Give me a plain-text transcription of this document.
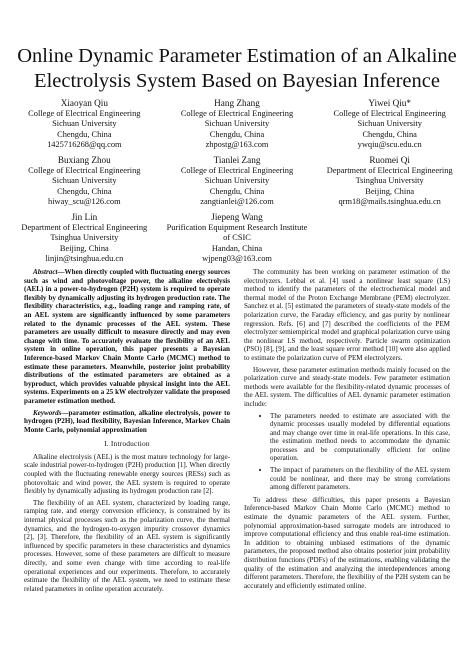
Online Dynamic Parameter Estimation of an Alkaline Electrolysis System Based on Bayesian Inference
Xiaoyan Qiu
College of Electrical Engineering
Sichuan University
Chengdu, China
1425716268@qq.com
Hang Zhang
College of Electrical Engineering
Sichuan University
Chengdu, China
zhpostg@163.com
Yiwei Qiu*
College of Electrical Engineering
Sichuan University
Chengdu, China
ywqiu@scu.edu.cn
Buxiang Zhou
College of Electrical Engineering
Sichuan University
Chengdu, China
hiway_scu@126.com
Tianlei Zang
College of Electrical Engineering
Sichuan University
Chengdu, China
zangtianlei@126.com
Ruomei Qi
Department of Electrical Engineering
Tsinghua University
Beijing, China
qrm18@mails.tsinghua.edu.cn
Jin Lin
Department of Electrical Engineering
Tsinghua University
Beijing, China
linjin@tsinghua.edu.cn
Jiepeng Wang
Purification Equipment Research Institute
of CSIC
Handan, China
wjpeng03@163.com

Abstract—When directly coupled with fluctuating energy sources such as wind and photovoltage power, the alkaline electrolysis (AEL) in a power-to-hydrogen (P2H) system is required to operate flexibly by dynamically adjusting its hydrogen production rate. The flexibility characteristics, e.g., loading range and ramping rate, of an AEL system are significantly influenced by some parameters related to the dynamic processes of the AEL system. These parameters are usually difficult to measure directly and may even change with time. To accurately evaluate the flexibility of an AEL system in online operation, this paper presents a Bayesian Inference-based Markov Chain Monte Carlo (MCMC) method to estimate these parameters. Meanwhile, posterior joint probability distributions of the estimated parameters are obtained as a byproduct, which provides valuable physical insight into the AEL systems. Experiments on a 25 kW electrolyzer validate the proposed parameter estimation method.

Keywords—parameter estimation, alkaline electrolysis, power to hydrogen (P2H), load flexibility, Bayesian Inference, Markov Chain Monte Carlo, polynomial approximation

I. Introduction

Alkaline electrolysis (AEL) is the most mature technology for large-scale industrial power-to-hydrogen (P2H) production [1]. When directly coupled with the fluctuating renewable energy sources (RESs) such as photovoltaic and wind power, the AEL system is required to operate flexibly by dynamically adjusting its hydrogen production rate [2].

The flexibility of an AEL system, characterized by loading range, ramping rate, and energy conversion efficiency, is constrained by its internal physical processes such as the polarization curve, the thermal dynamics, and the hydrogen-to-oxygen impurity crossover dynamics [2], [3]. Therefore, the flexibility of an AEL system is significantly influenced by specific parameters in these characteristics and dynamics processes. However, some of these parameters are difficult to measure directly, and some even change with time according to real-life operational experiences and our experiments. Therefore, to accurately estimate the flexibility of the AEL system, we need to estimate these related parameters in online operation accurately.

The community has been working on parameter estimation of the electrolyzers. Lebbal et al. [4] used a nonlinear least square (LS) method to identify the parameters of the electrochemical model and thermal model of the Proton Exchange Membrane (PEM) electrolyzer. Sanchez et al. [5] estimated the parameters of steady-state models of the polarization curve, the Faraday efficiency, and gas purity by nonlinear regression. Refs. [6] and [7] described the coefficients of the PEM electrolyzer semiempirical model and graphical polarization curve using the nonlinear LS method, respectively. Particle swarm optimization (PSO) [8], [9], and the least square error method [10] were also applied to estimate the polarization curve of PEM electrolyzers.

However, these parameter estimation methods mainly focused on the polarization curve and steady-state models. Few parameter estimation methods were available for the flexibility-related dynamic processes of the AEL system. The difficulties of AEL dynamic parameter estimation include:

• The parameters needed to estimate are associated with the dynamic processes usually modeled by differential equations and may change over time in real-life operations. In this case, the estimation method needs to accommodate the dynamic processes and be computationally efficient for online operation.
• The impact of parameters on the flexibility of the AEL system could be nonlinear, and there may be strong correlations among different parameters.

To address these difficulties, this paper presents a Bayesian Inference-based Markov Chain Monte Carlo (MCMC) method to estimate the dynamic parameters of the AEL system. Further, polynomial approximation-based surrogate models are introduced to improve computational efficiency and thus enable real-time estimation. In addition to obtaining unbiased estimations of the dynamic parameters, the proposed method also obtains posterior joint probability distribution functions (PDFs) of the estimations, enabling validating the quality of the estimation and analyzing the interdependences among different parameters. Therefore, the flexibility of the P2H system can be accurately and efficiently estimated online.
